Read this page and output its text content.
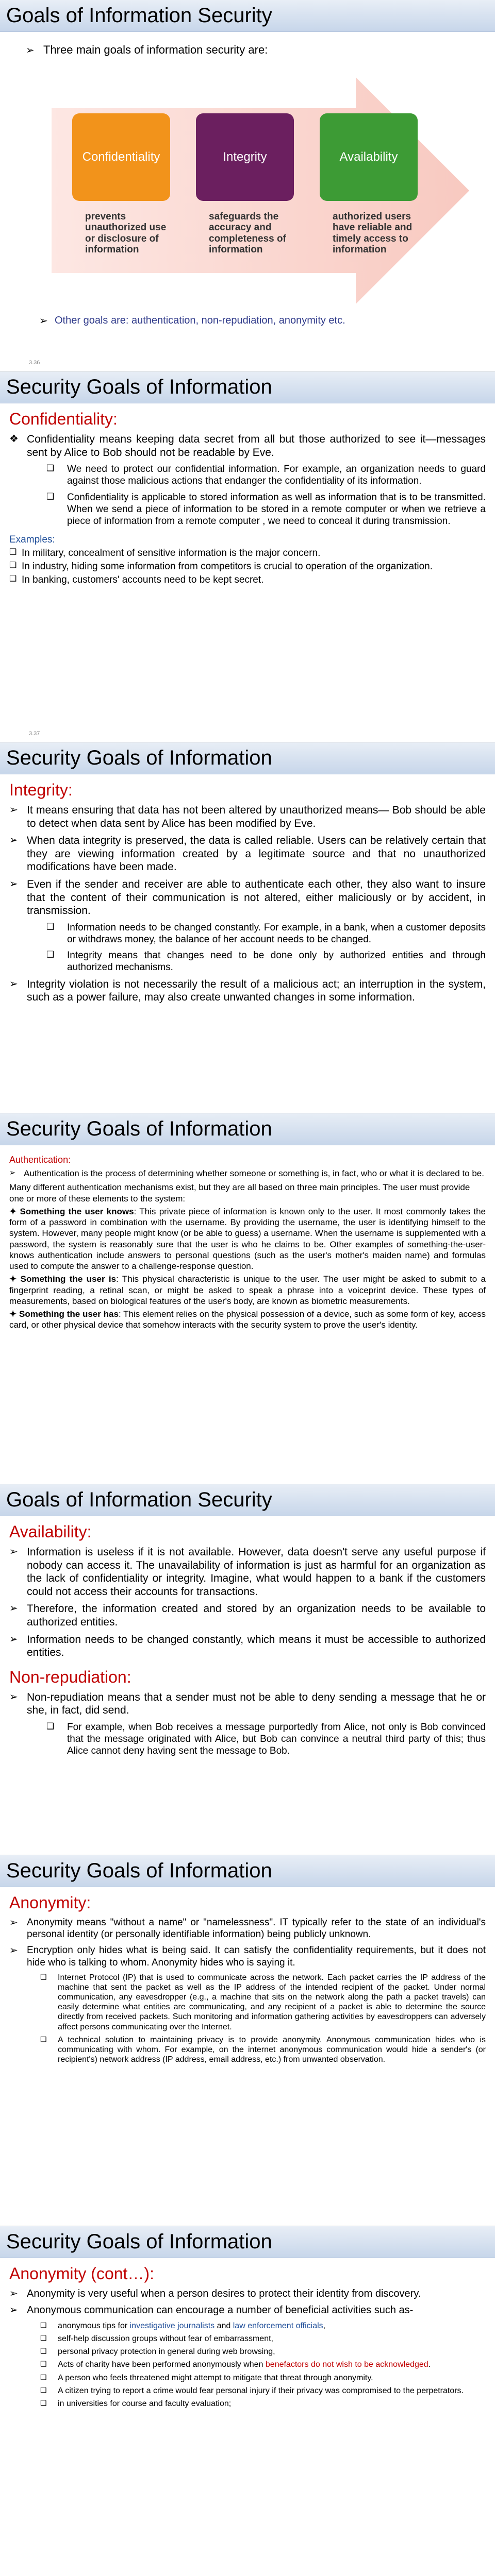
Goals of Information Security
➢ Three main goals of information security are:
Confidentiality	Integrity	Availability
prevents unauthorized use or disclosure of information
safeguards the accuracy and completeness of information
authorized users have reliable and timely access to information
➢ Other goals are: authentication, non-repudiation, anonymity etc.
3.36
Security Goals of Information
Confidentiality:
❖ Confidentiality means keeping data secret from all but those authorized to see it—messages sent by Alice to Bob should not be readable by Eve.
❑	We need to protect our confidential information. For example, an organization needs to guard against those malicious actions that endanger the confidentiality of its information.
❑	Confidentiality is applicable to stored information as well as information that is to be transmitted. When we send a piece of information to be stored in a remote computer or when we retrieve a piece of information from a remote computer , we need to conceal it during transmission.
Examples:
❑ In military, concealment of sensitive information is the major concern.
❑ In industry, hiding some information from competitors is crucial to operation of the organization.
❑ In banking, customers' accounts need to be kept secret.
3.37
Security Goals of Information
Integrity:
➢ It means ensuring that data has not been altered by unauthorized means— Bob should be able to detect when data sent by Alice has been modified by Eve.
➢ When data integrity is preserved, the data is called reliable. Users can be relatively certain that they are viewing information created by a legitimate source and that no unauthorized modifications have been made.
➢ Even if the sender and receiver are able to authenticate each other, they also want to insure that the content of their communication is not altered, either maliciously or by accident, in transmission.
❑	Information needs to be changed constantly. For example, in a bank, when a customer deposits or withdraws money, the balance of her account needs to be changed.
❑	Integrity means that changes need to be done only by authorized entities and through authorized mechanisms.
➢ Integrity violation is not necessarily the result of a malicious act; an interruption in the system, such as a power failure, may also create unwanted changes in some information.
Security Goals of Information
Authentication:
➢ Authentication is the process of determining whether someone or something is, in fact, who or what it is declared to be.
Many different authentication mechanisms exist, but they are all based on three main principles. The user must provide one or more of these elements to the system:
✦ Something the user knows: This private piece of information is known only to the user. It most commonly takes the form of a password in combination with the username. By providing the username, the user is identifying himself to the system. However, many people might know (or be able to guess) a username. When the username is supplemented with a password, the system is reasonably sure that the user is who he claims to be. Other examples of something-the-user-knows authentication include answers to personal questions (such as the user's mother's maiden name) and formulas used to compute the answer to a challenge-response question.
✦ Something the user is: This physical characteristic is unique to the user. The user might be asked to submit to a fingerprint reading, a retinal scan, or might be asked to speak a phrase into a voiceprint device. These types of measurements, based on biological features of the user's body, are known as biometric measurements.
✦ Something the user has: This element relies on the physical possession of a device, such as some form of key, access card, or other physical device that somehow interacts with the security system to prove the user's identity.
Goals of Information Security
Availability:
➢ Information is useless if it is not available. However, data doesn't serve any useful purpose if nobody can access it. The unavailability of information is just as harmful for an organization as the lack of confidentiality or integrity. Imagine, what would happen to a bank if the customers could not access their accounts for transactions.
➢ Therefore, the information created and stored by an organization needs to be available to authorized entities.
➢ Information needs to be changed constantly, which means it must be accessible to authorized entities.
Non-repudiation:
➢ Non-repudiation means that a sender must not be able to deny sending a message that he or she, in fact, did send.
❑	For example, when Bob receives a message purportedly from Alice, not only is Bob convinced that the message originated with Alice, but Bob can convince a neutral third party of this; thus Alice cannot deny having sent the message to Bob.
Security Goals of Information
Anonymity:
➢ Anonymity means "without a name" or "namelessness". IT typically refer to the state of an individual's personal identity (or personally identifiable information) being publicly unknown.
➢ Encryption only hides what is being said. It can satisfy the confidentiality requirements, but it does not hide who is talking to whom. Anonymity hides who is saying it.
❑	Internet Protocol (IP) that is used to communicate across the network. Each packet carries the IP address of the machine that sent the packet as well as the IP address of the intended recipient of the packet. Under normal communication, any eavesdropper (e.g., a machine that sits on the network along the path a packet travels) can easily determine what entities are communicating, and any recipient of a packet is able to determine the source directly from received packets. Such monitoring and information gathering activities by eavesdroppers can adversely affect persons communicating over the Internet.
❑	A technical solution to maintaining privacy is to provide anonymity. Anonymous communication hides who is communicating with whom. For example, on the internet anonymous communication would hide a sender's (or recipient's) network address (IP address, email address, etc.) from unwanted observation.
Security Goals of Information
Anonymity (cont…):
➢ Anonymity is very useful when a person desires to protect their identity from discovery.
➢ Anonymous communication can encourage a number of beneficial activities such as-
❑	anonymous tips for investigative journalists and law enforcement officials,
❑	self-help discussion groups without fear of embarrassment,
❑	personal privacy protection in general during web browsing,
❑	Acts of charity have been performed anonymously when benefactors do not wish to be acknowledged.
❑	A person who feels threatened might attempt to mitigate that threat through anonymity.
❑	A citizen trying to report a crime would fear personal injury if their privacy was compromised to the perpetrators.
❑	in universities for course and faculty evaluation;
